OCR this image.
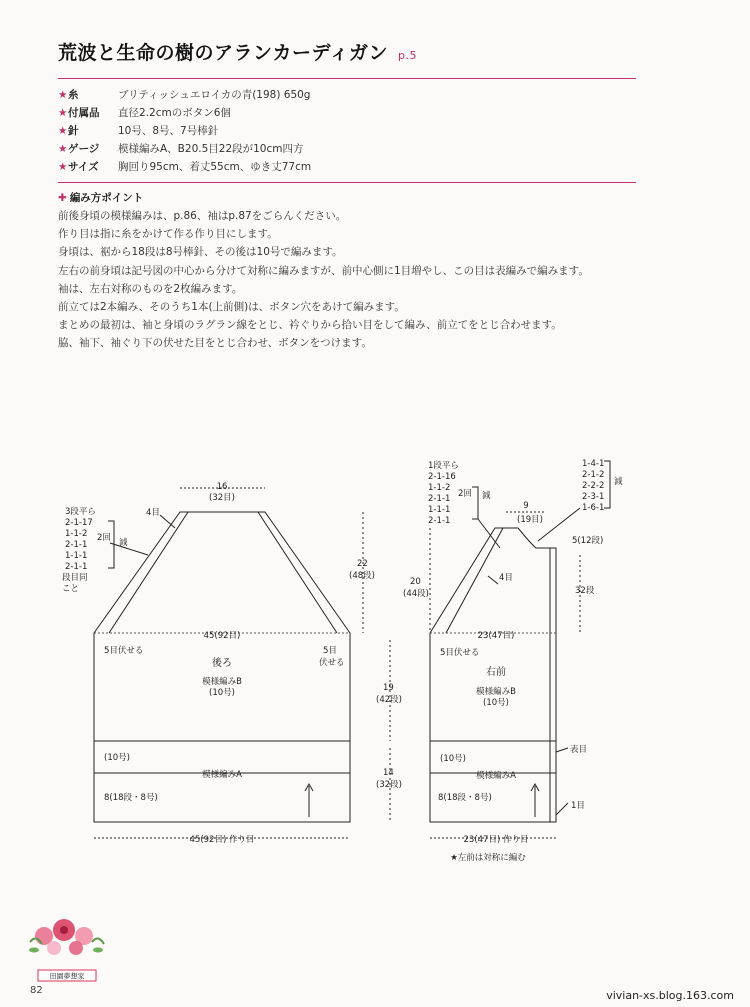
荒波と生命の樹のアランカーディガン p.5
★ 糸	ブリティッシュエロイカの青(198) 650g
★ 付属品	直径2.2cmのボタン6個
★ 針	10号、8号、7号棒針
★ ゲージ	模様編みA、B20.5目22段が10cm四方
★ サイズ	胸回り95cm、着丈55cm、ゆき丈77cm
✚ 編み方ポイント
前後身頃の模様編みは、p.86、袖はp.87をごらんください。
作り目は指に糸をかけて作る作り目にします。
身頃は、裾から18段は8号棒針、その後は10号で編みます。
左右の前身頃は記号図の中心から分けて対称に編みますが、前中心側に1目増やし、この目は表編みで編みます。
袖は、左右対称のものを2枚編みます。
前立ては2本編み、そのうち1本(上前側)は、ボタン穴をあけて編みます。
まとめの最初は、袖と身頃のラグラン線をとじ、衿ぐりから拾い目をして編み、前立てをとじ合わせます。
脇、袖下、袖ぐり下の伏せた目をとじ合わせ、ボタンをつけます。
16
(32目)
3段平ら
2-1-17
1-1-2
2-1-1
1-1-1
2-1-1
段目同
こと
2回 減
4目
22
(48段)
45(92目)
5目伏せる	5目
伏せる
後ろ
模様編みB
(10号)	19
(42段)
(10号)
模様編みA
8(18段・8号)
14
(32段)
45(92目) 作り目
1段平ら
2-1-16
1-1-2
2-1-1
1-1-1
2-1-1
2回 減
1-4-1
2-1-2
2-2-2
2-3-1
1-6-1
減
9
(19目)
5(12段)
4目
20
(44段)	32段
23(47目)
5目伏せる
右前
模様編みB
(10号)
(10号)
表目
模様編みA
8(18段・8号)
1目
23(47目) 作り目
★左前は対称に編む
田園夢想家
82	vivian-xs.blog.163.com
